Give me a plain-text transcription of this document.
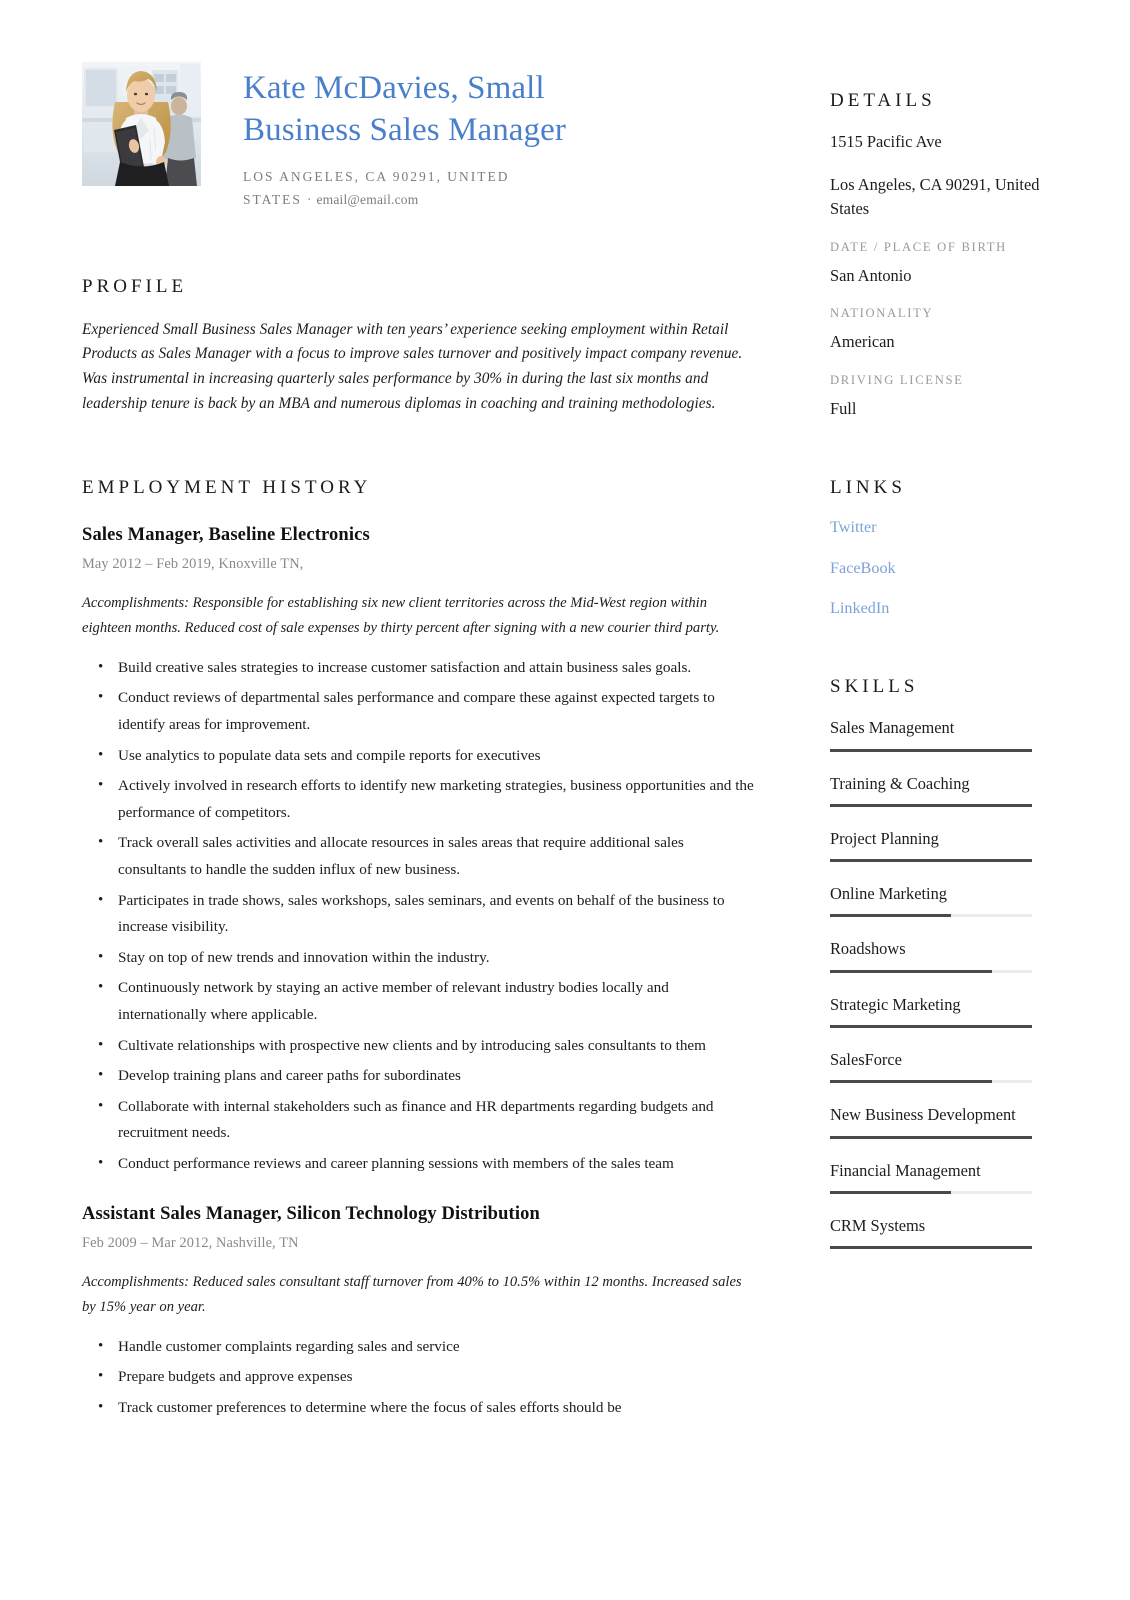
Kate McDavies, Small Business Sales Manager
LOS ANGELES, CA 90291, UNITED STATES · email@email.com
PROFILE

Experienced Small Business Sales Manager with ten years’ experience seeking employment within Retail Products as Sales Manager with a focus to improve sales turnover and positively impact company revenue. Was instrumental in increasing quarterly sales performance by 30% in during the last six months and leadership tenure is back by an MBA and numerous diplomas in coaching and training methodologies.

EMPLOYMENT HISTORY
Sales Manager, Baseline Electronics

May 2012 – Feb 2019, Knoxville TN,

Accomplishments: Responsible for establishing six new client territories across the Mid-West region within eighteen months. Reduced cost of sale expenses by thirty percent after signing with a new courier third party.

• Build creative sales strategies to increase customer satisfaction and attain business sales goals.
• Conduct reviews of departmental sales performance and compare these against expected targets to identify areas for improvement.
• Use analytics to populate data sets and compile reports for executives
• Actively involved in research efforts to identify new marketing strategies, business opportunities and the performance of competitors.
• Track overall sales activities and allocate resources in sales areas that require additional sales consultants to handle the sudden influx of new business.
• Participates in trade shows, sales workshops, sales seminars, and events on behalf of the business to increase visibility.
• Stay on top of new trends and innovation within the industry.
• Continuously network by staying an active member of relevant industry bodies locally and internationally where applicable.
• Cultivate relationships with prospective new clients and by introducing sales consultants to them
• Develop training plans and career paths for subordinates
• Collaborate with internal stakeholders such as finance and HR departments regarding budgets and recruitment needs.
• Conduct performance reviews and career planning sessions with members of the sales team
Assistant Sales Manager, Silicon Technology Distribution

Feb 2009 – Mar 2012, Nashville, TN

Accomplishments: Reduced sales consultant staff turnover from 40% to 10.5% within 12 months. Increased sales by 15% year on year.

• Handle customer complaints regarding sales and service
• Prepare budgets and approve expenses
• Track customer preferences to determine where the focus of sales efforts should be
DETAILS

1515 Pacific Ave

Los Angeles, CA 90291, United States

DATE / PLACE OF BIRTH

San Antonio

NATIONALITY

American

DRIVING LICENSE

Full

LINKS
Twitter
FaceBook
LinkedIn
SKILLS

Sales Management

Training & Coaching

Project Planning

Online Marketing

Roadshows

Strategic Marketing

SalesForce

New Business Development

Financial Management

CRM Systems
